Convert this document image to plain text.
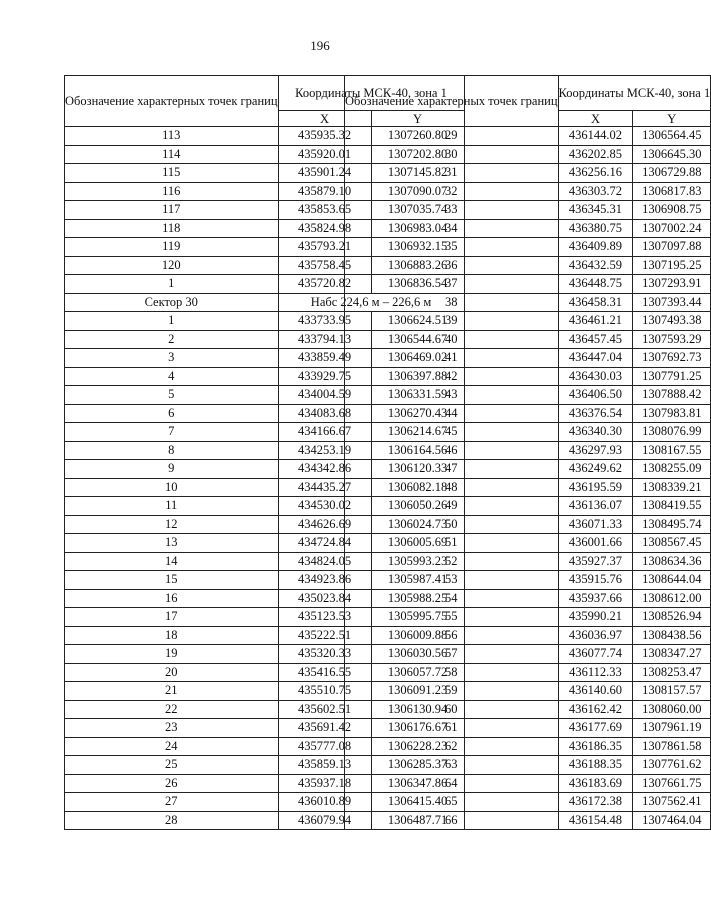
196
Обозначение характерных точек границ	Координаты МСК-40, зона 1	
	X	Y
113	435935.32	1307260.80
114	435920.01	1307202.80
115	435901.24	1307145.82
116	435879.10	1307090.07
117	435853.65	1307035.74
118	435824.98	1306983.04
119	435793.21	1306932.15
120	435758.45	1306883.26
1	435720.82	1306836.54
Сектор 30	Набс 224,6 м – 226,6 м	
1	433733.95	1306624.51
2	433794.13	1306544.67
3	433859.49	1306469.02
4	433929.75	1306397.88
5	434004.59	1306331.59
6	434083.68	1306270.43
7	434166.67	1306214.67
8	434253.19	1306164.56
9	434342.86	1306120.33
10	434435.27	1306082.18
11	434530.02	1306050.26
12	434626.69	1306024.73
13	434724.84	1306005.69
14	434824.05	1305993.23
15	434923.86	1305987.41
16	435023.84	1305988.25
17	435123.53	1305995.75
18	435222.51	1306009.88
19	435320.33	1306030.56
20	435416.55	1306057.72
21	435510.75	1306091.23
22	435602.51	1306130.94
23	435691.42	1306176.67
24	435777.08	1306228.23
25	435859.13	1306285.37
26	435937.18	1306347.86
27	436010.89	1306415.40
28	436079.94	1306487.71
Обозначение характерных точек границ	Координаты МСК-40, зона 1	
	X	Y
29	436144.02	1306564.45
30	436202.85	1306645.30
31	436256.16	1306729.88
32	436303.72	1306817.83
33	436345.31	1306908.75
34	436380.75	1307002.24
35	436409.89	1307097.88
36	436432.59	1307195.25
37	436448.75	1307293.91
38	436458.31	1307393.44
39	436461.21	1307493.38
40	436457.45	1307593.29
41	436447.04	1307692.73
42	436430.03	1307791.25
43	436406.50	1307888.42
44	436376.54	1307983.81
45	436340.30	1308076.99
46	436297.93	1308167.55
47	436249.62	1308255.09
48	436195.59	1308339.21
49	436136.07	1308419.55
50	436071.33	1308495.74
51	436001.66	1308567.45
52	435927.37	1308634.36
53	435915.76	1308644.04
54	435937.66	1308612.00
55	435990.21	1308526.94
56	436036.97	1308438.56
57	436077.74	1308347.27
58	436112.33	1308253.47
59	436140.60	1308157.57
60	436162.42	1308060.00
61	436177.69	1307961.19
62	436186.35	1307861.58
63	436188.35	1307761.62
64	436183.69	1307661.75
65	436172.38	1307562.41
66	436154.48	1307464.04
